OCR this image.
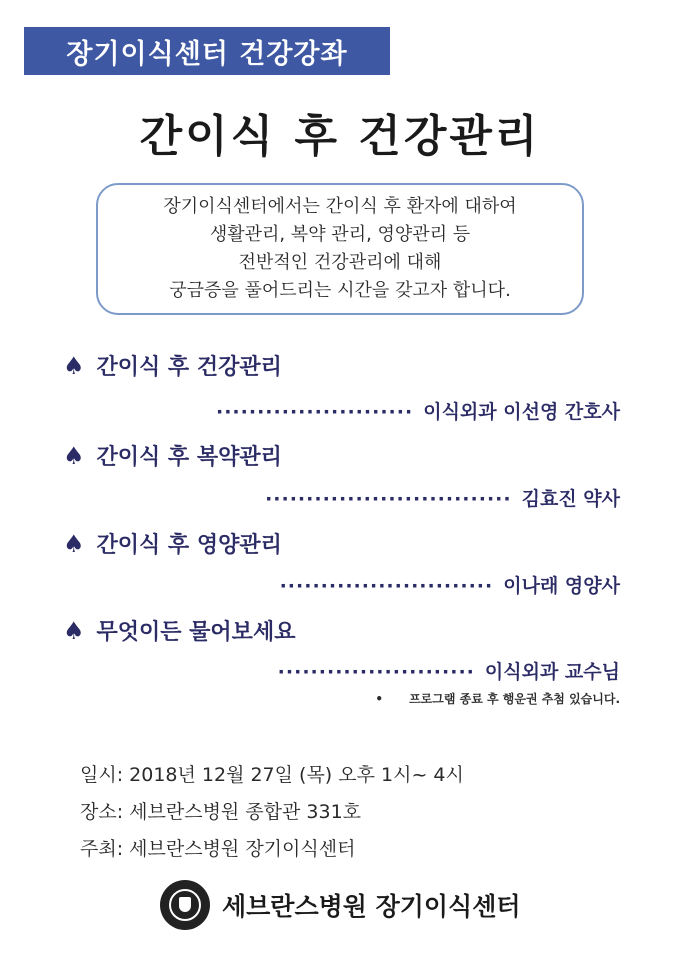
장기이식센터 건강강좌
간이식 후 건강관리
장기이식센터에서는 간이식 후 환자에 대하여
생활관리, 복약 관리, 영양관리 등
전반적인 건강관리에 대해
궁금증을 풀어드리는 시간을 갖고자 합니다.
♠ 간이식 후 건강관리
························ 이식외과 이선영 간호사
♠ 간이식 후 복약관리
······························ 김효진 약사
♠ 간이식 후 영양관리
·························· 이나래 영양사
♠ 무엇이든 물어보세요
························ 이식외과 교수님
• 프로그램 종료 후 행운권 추첨 있습니다.
일시: 2018년 12월 27일 (목) 오후 1시~ 4시
장소: 세브란스병원 종합관 331호
주최: 세브란스병원 장기이식센터
세브란스병원 장기이식센터
